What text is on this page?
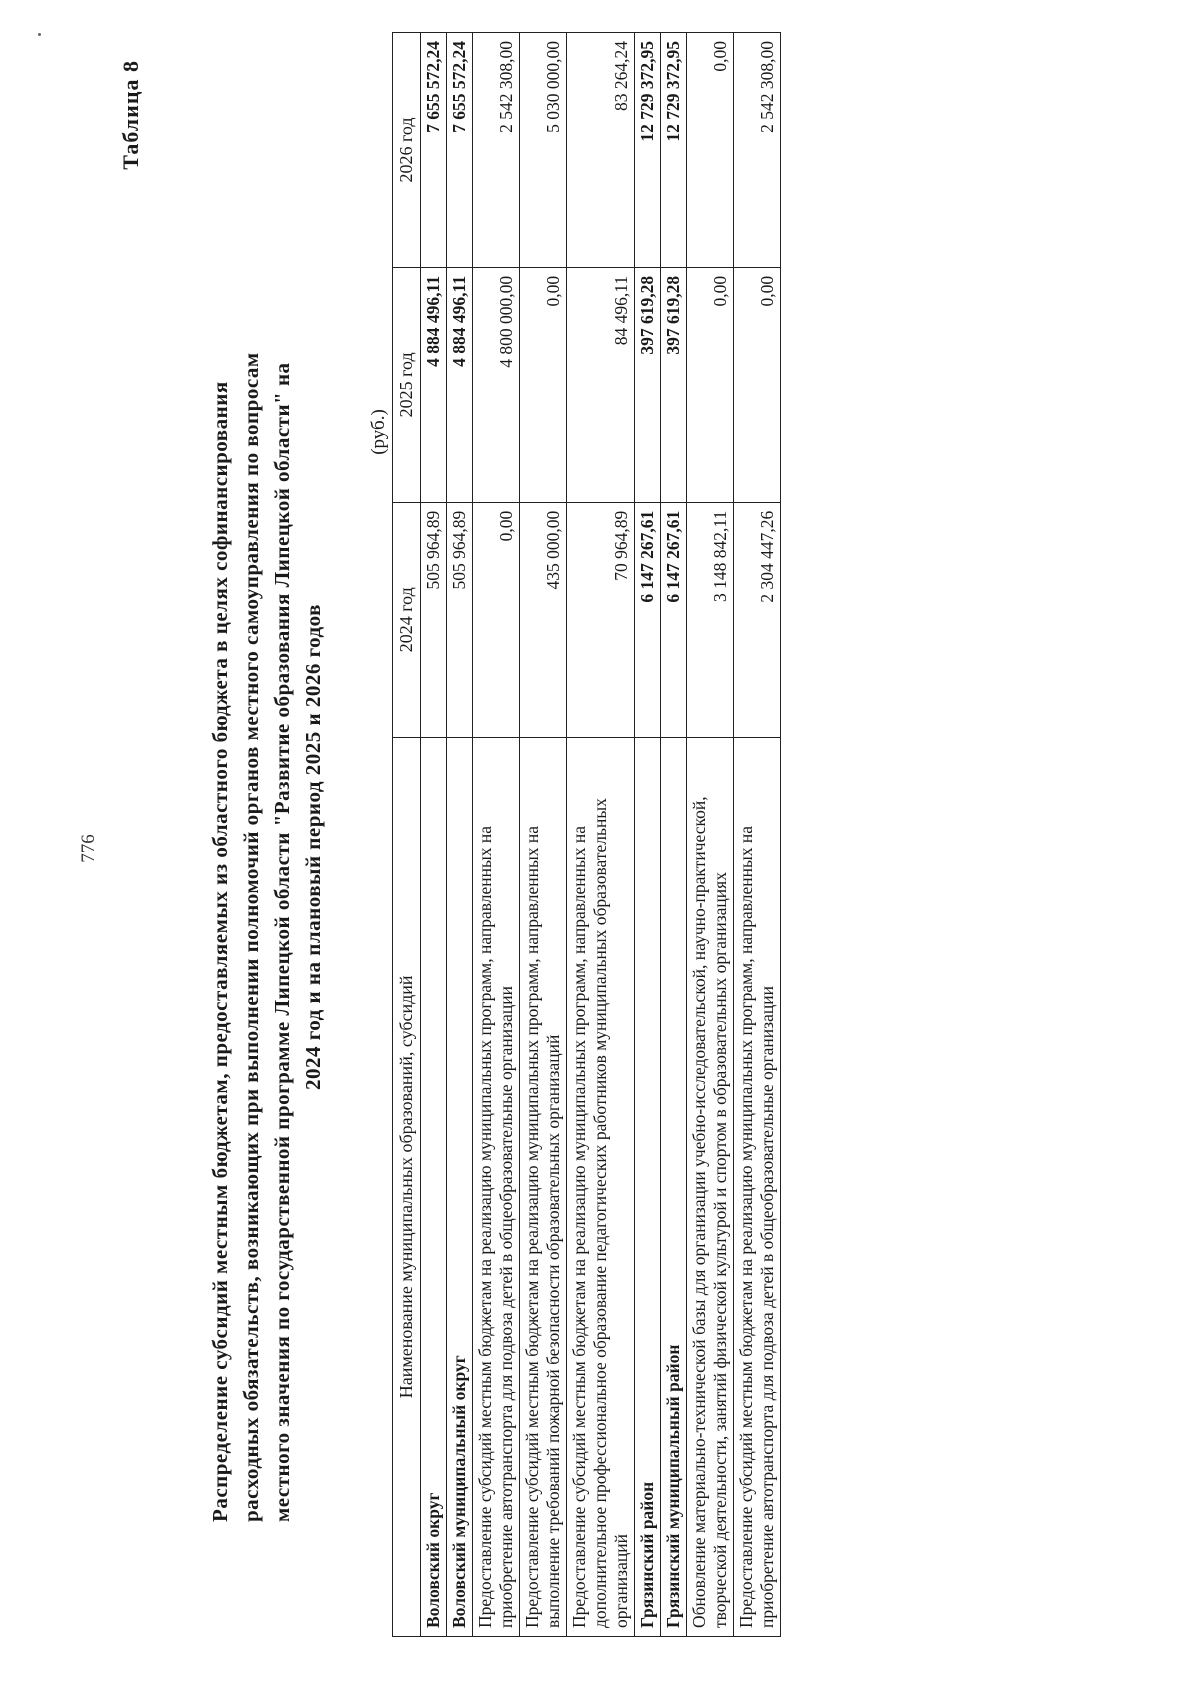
776
Таблица 8
Распределение субсидий местным бюджетам, предоставляемых из областного бюджета в целях софинансирования расходных обязательств, возникающих при выполнении полномочий органов местного самоуправления по вопросам местного значения по государственной программе Липецкой области "Развитие образования Липецкой области" на 2024 год и на плановый период 2025 и 2026 годов
(руб.)
Наименование муниципальных образований, субсидий	2024 год	2025 год	2026 год
Воловский округ	505 964,89	4 884 496,11	7 655 572,24
Воловский муниципальный округ	505 964,89	4 884 496,11	7 655 572,24
Предоставление субсидий местным бюджетам на реализацию муниципальных программ, направленных на приобретение автотранспорта для подвоза детей в общеобразовательные организации	0,00	4 800 000,00	2 542 308,00
Предоставление субсидий местным бюджетам на реализацию муниципальных программ, направленных на выполнение требований пожарной безопасности образовательных организаций	435 000,00	0,00	5 030 000,00
Предоставление субсидий местным бюджетам на реализацию муниципальных программ, направленных на дополнительное профессиональное образование педагогических работников муниципальных образовательных организаций	70 964,89	84 496,11	83 264,24
Грязинский район	6 147 267,61	397 619,28	12 729 372,95
Грязинский муниципальный район	6 147 267,61	397 619,28	12 729 372,95
Обновление материально-технической базы для организации учебно-исследовательской, научно-практической, творческой деятельности, занятий физической культурой и спортом в образовательных организациях	3 148 842,11	0,00	0,00
Предоставление субсидий местным бюджетам на реализацию муниципальных программ, направленных на приобретение автотранспорта для подвоза детей в общеобразовательные организации	2 304 447,26	0,00	2 542 308,00
